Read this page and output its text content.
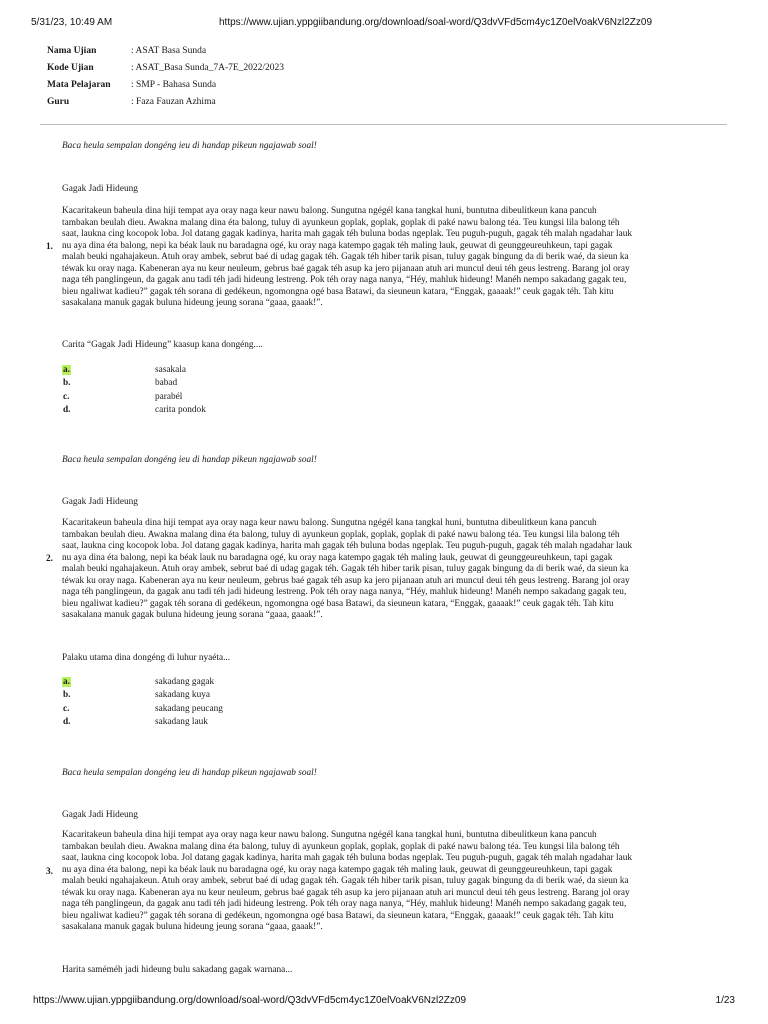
5/31/23, 10:49 AM	https://www.ujian.yppgiibandung.org/download/soal-word/Q3dvVFd5cm4yc1Z0elVoakV6Nzl2Zz09
Nama Ujian	: ASAT Basa Sunda
Kode Ujian	: ASAT_Basa Sunda_7A-7E_2022/2023
Mata Pelajaran	: SMP - Bahasa Sunda
Guru	: Faza Fauzan Azhima
Baca heula sempalan dongéng ieu di handap pikeun ngajawab soal!
Gagak Jadi Hideung
1.
Kacaritakeun baheula dina hiji tempat aya oray naga keur nawu balong. Sungutna ngégél kana tangkal huni, buntutna dibeulitkeun kana pancuh
tambakan beulah dieu. Awakna malang dina éta balong, tuluy di ayunkeun goplak, goplak, goplak di paké nawu balong téa. Teu kungsi lila balong téh
saat, laukna cing kocopok loba. Jol datang gagak kadinya, harita mah gagak téh buluna bodas ngeplak. Teu puguh-puguh, gagak téh malah ngadahar lauk
nu aya dina éta balong, nepi ka béak lauk nu baradagna ogé, ku oray naga katempo gagak téh maling lauk, geuwat di geunggeureuhkeun, tapi gagak
malah beuki ngahajakeun. Atuh oray ambek, sebrut baé di udag gagak téh. Gagak téh hiber tarik pisan, tuluy gagak bingung da di berik waé, da sieun ka
téwak ku oray naga. Kabeneran aya nu keur neuleum, gebrus baé gagak téh asup ka jero pijanaan atuh ari muncul deui téh geus lestreng. Barang jol oray
naga téh panglingeun, da gagak anu tadi téh jadi hideung lestreng. Pok téh oray naga nanya, “Héy, mahluk hideung! Manéh nempo sakadang gagak teu,
bieu ngaliwat kadieu?” gagak téh sorana di gedékeun, ngomongna ogé basa Batawi, da sieuneun katara, “Énggak, gaaaak!” ceuk gagak téh. Tah kitu
sasakalana manuk gagak buluna hideung jeung sorana “gaaa, gaaak!”.
Carita “Gagak Jadi Hideung” kaasup kana dongéng....
a.	sasakala
b.	babad
c.	parabél
d.	carita pondok
Baca heula sempalan dongéng ieu di handap pikeun ngajawab soal!
Gagak Jadi Hideung
2.
Kacaritakeun baheula dina hiji tempat aya oray naga keur nawu balong. Sungutna ngégél kana tangkal huni, buntutna dibeulitkeun kana pancuh
tambakan beulah dieu. Awakna malang dina éta balong, tuluy di ayunkeun goplak, goplak, goplak di paké nawu balong téa. Teu kungsi lila balong téh
saat, laukna cing kocopok loba. Jol datang gagak kadinya, harita mah gagak téh buluna bodas ngeplak. Teu puguh-puguh, gagak téh malah ngadahar lauk
nu aya dina éta balong, nepi ka béak lauk nu baradagna ogé, ku oray naga katempo gagak téh maling lauk, geuwat di geunggeureuhkeun, tapi gagak
malah beuki ngahajakeun. Atuh oray ambek, sebrut baé di udag gagak téh. Gagak téh hiber tarik pisan, tuluy gagak bingung da di berik waé, da sieun ka
téwak ku oray naga. Kabeneran aya nu keur neuleum, gebrus baé gagak téh asup ka jero pijanaan atuh ari muncul deui téh geus lestreng. Barang jol oray
naga téh panglingeun, da gagak anu tadi téh jadi hideung lestreng. Pok téh oray naga nanya, “Héy, mahluk hideung! Manéh nempo sakadang gagak teu,
bieu ngaliwat kadieu?” gagak téh sorana di gedékeun, ngomongna ogé basa Batawi, da sieuneun katara, “Énggak, gaaaak!” ceuk gagak téh. Tah kitu
sasakalana manuk gagak buluna hideung jeung sorana “gaaa, gaaak!”.
Palaku utama dina dongéng di luhur nyaéta...
a.	sakadang gagak
b.	sakadang kuya
c.	sakadang peucang
d.	sakadang lauk
Baca heula sempalan dongéng ieu di handap pikeun ngajawab soal!
Gagak Jadi Hideung
3.
Kacaritakeun baheula dina hiji tempat aya oray naga keur nawu balong. Sungutna ngégél kana tangkal huni, buntutna dibeulitkeun kana pancuh
tambakan beulah dieu. Awakna malang dina éta balong, tuluy di ayunkeun goplak, goplak, goplak di paké nawu balong téa. Teu kungsi lila balong téh
saat, laukna cing kocopok loba. Jol datang gagak kadinya, harita mah gagak téh buluna bodas ngeplak. Teu puguh-puguh, gagak téh malah ngadahar lauk
nu aya dina éta balong, nepi ka béak lauk nu baradagna ogé, ku oray naga katempo gagak téh maling lauk, geuwat di geunggeureuhkeun, tapi gagak
malah beuki ngahajakeun. Atuh oray ambek, sebrut baé di udag gagak téh. Gagak téh hiber tarik pisan, tuluy gagak bingung da di berik waé, da sieun ka
téwak ku oray naga. Kabeneran aya nu keur neuleum, gebrus baé gagak téh asup ka jero pijanaan atuh ari muncul deui téh geus lestreng. Barang jol oray
naga téh panglingeun, da gagak anu tadi téh jadi hideung lestreng. Pok téh oray naga nanya, “Héy, mahluk hideung! Manéh nempo sakadang gagak teu,
bieu ngaliwat kadieu?” gagak téh sorana di gedékeun, ngomongna ogé basa Batawi, da sieuneun katara, “Énggak, gaaaak!” ceuk gagak téh. Tah kitu
sasakalana manuk gagak buluna hideung jeung sorana “gaaa, gaaak!”.
Harita saméméh jadi hideung bulu sakadang gagak warnana...
https://www.ujian.yppgiibandung.org/download/soal-word/Q3dvVFd5cm4yc1Z0elVoakV6Nzl2Zz09	1/23
